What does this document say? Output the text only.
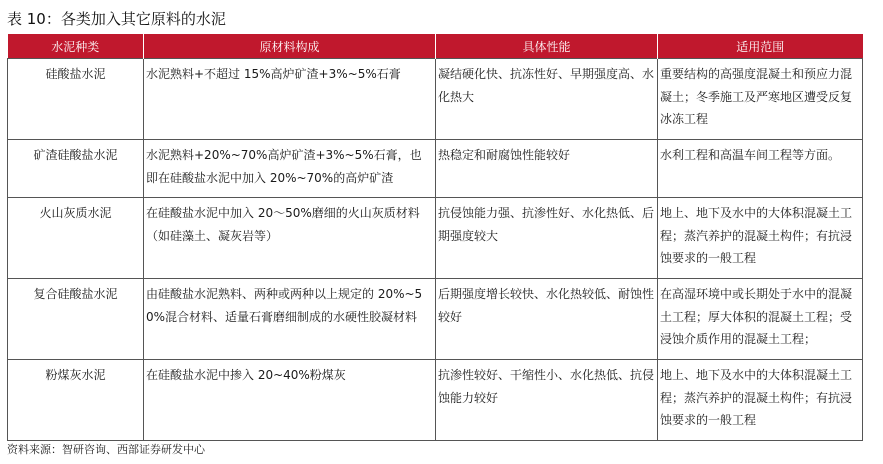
表 10：各类加入其它原料的水泥
水泥种类	原材料构成	具体性能	适用范围
硅酸盐水泥	水泥熟料+不超过 15%高炉矿渣+3%~5%石膏	凝结硬化快、抗冻性好、早期强度高、水化热大	重要结构的高强度混凝土和预应力混凝土；冬季施工及严寒地区遭受反复冰冻工程
矿渣硅酸盐水泥	水泥熟料+20%~70%高炉矿渣+3%~5%石膏，也即在硅酸盐水泥中加入 20%~70%的高炉矿渣	热稳定和耐腐蚀性能较好	水利工程和高温车间工程等方面。
火山灰质水泥	在硅酸盐水泥中加入 20～50%磨细的火山灰质材料（如硅藻土、凝灰岩等）	抗侵蚀能力强、抗渗性好、水化热低、后期强度较大	地上、地下及水中的大体积混凝土工程；蒸汽养护的混凝土构件；有抗浸蚀要求的一般工程
复合硅酸盐水泥	由硅酸盐水泥熟料、两种或两种以上规定的 20%~50%混合材料、适量石膏磨细制成的水硬性胶凝材料	后期强度增长较快、水化热较低、耐蚀性较好	在高湿环境中或长期处于水中的混凝土工程；厚大体积的混凝土工程；受浸蚀介质作用的混凝土工程；
粉煤灰水泥	在硅酸盐水泥中掺入 20~40%粉煤灰	抗渗性较好、干缩性小、水化热低、抗侵蚀能力较好	地上、地下及水中的大体积混凝土工程；蒸汽养护的混凝土构件；有抗浸蚀要求的一般工程
资料来源：智研咨询、西部证券研发中心
